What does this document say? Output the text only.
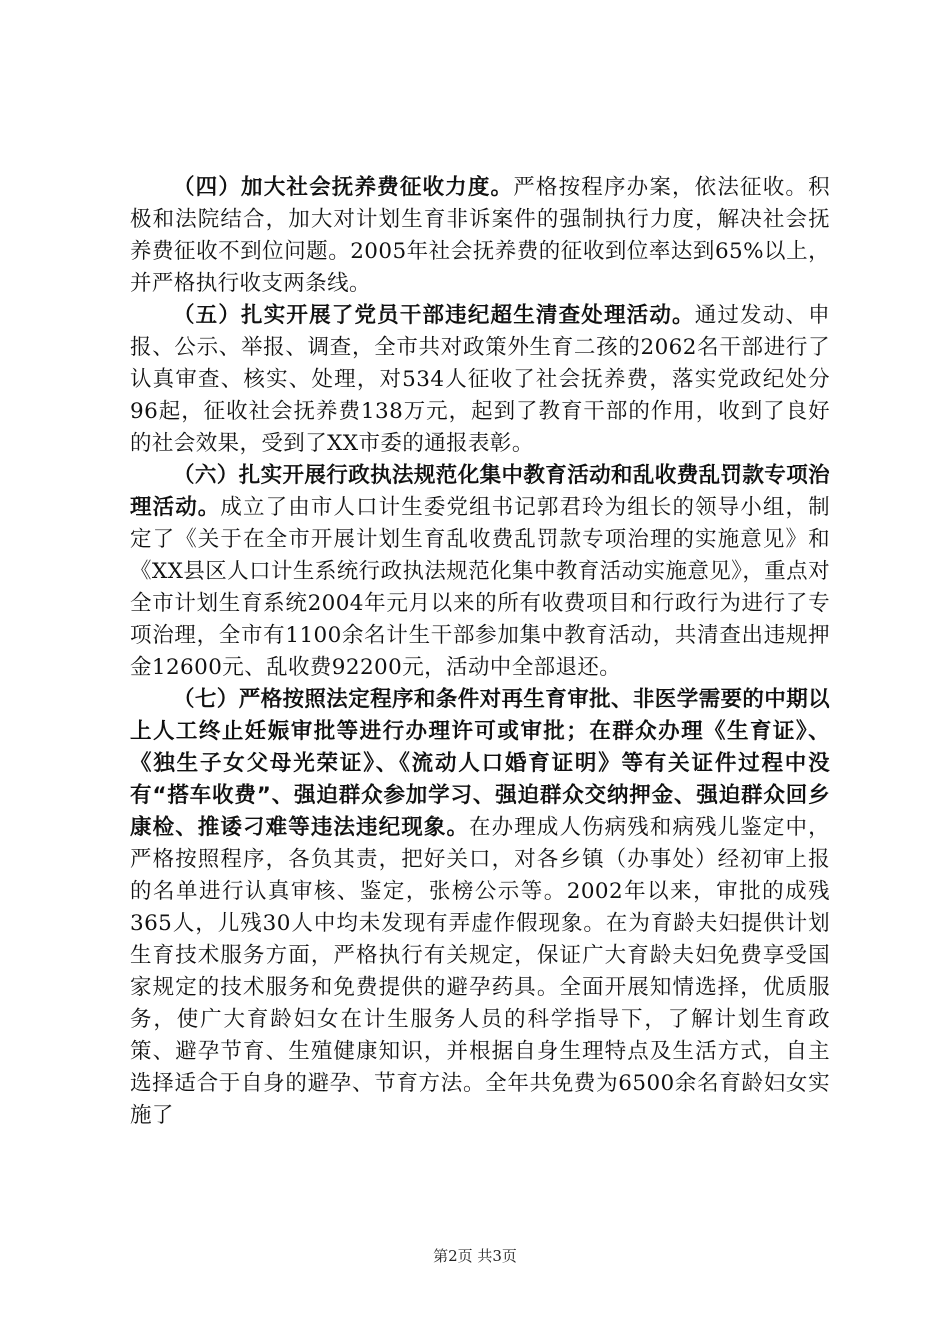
（四）加大社会抚养费征收力度。严格按程序办案，依法征收。积极和法院结合，加大对计划生育非诉案件的强制执行力度，解决社会抚养费征收不到位问题。2005年社会抚养费的征收到位率达到65%以上，并严格执行收支两条线。

（五）扎实开展了党员干部违纪超生清查处理活动。通过发动、申报、公示、举报、调查，全市共对政策外生育二孩的2062名干部进行了认真审查、核实、处理，对534人征收了社会抚养费，落实党政纪处分96起，征收社会抚养费138万元，起到了教育干部的作用，收到了良好的社会效果，受到了XX市委的通报表彰。

（六）扎实开展行政执法规范化集中教育活动和乱收费乱罚款专项治理活动。成立了由市人口计生委党组书记郭君玲为组长的领导小组，制定了《关于在全市开展计划生育乱收费乱罚款专项治理的实施意见》和《XX县区人口计生系统行政执法规范化集中教育活动实施意见》，重点对全市计划生育系统2004年元月以来的所有收费项目和行政行为进行了专项治理，全市有1100余名计生干部参加集中教育活动，共清查出违规押金12600元、乱收费92200元，活动中全部退还。

（七）严格按照法定程序和条件对再生育审批、非医学需要的中期以上人工终止妊娠审批等进行办理许可或审批；在群众办理《生育证》、《独生子女父母光荣证》、《流动人口婚育证明》等有关证件过程中没有“搭车收费”、强迫群众参加学习、强迫群众交纳押金、强迫群众回乡康检、推诿刁难等违法违纪现象。在办理成人伤病残和病残儿鉴定中，严格按照程序，各负其责，把好关口，对各乡镇（办事处）经初审上报的名单进行认真审核、鉴定，张榜公示等。2002年以来，审批的成残365人，儿残30人中均未发现有弄虚作假现象。在为育龄夫妇提供计划生育技术服务方面，严格执行有关规定，保证广大育龄夫妇免费享受国家规定的技术服务和免费提供的避孕药具。全面开展知情选择，优质服务，使广大育龄妇女在计生服务人员的科学指导下，了解计划生育政策、避孕节育、生殖健康知识，并根据自身生理特点及生活方式，自主选择适合于自身的避孕、节育方法。全年共免费为6500余名育龄妇女实施了

第2页 共3页
